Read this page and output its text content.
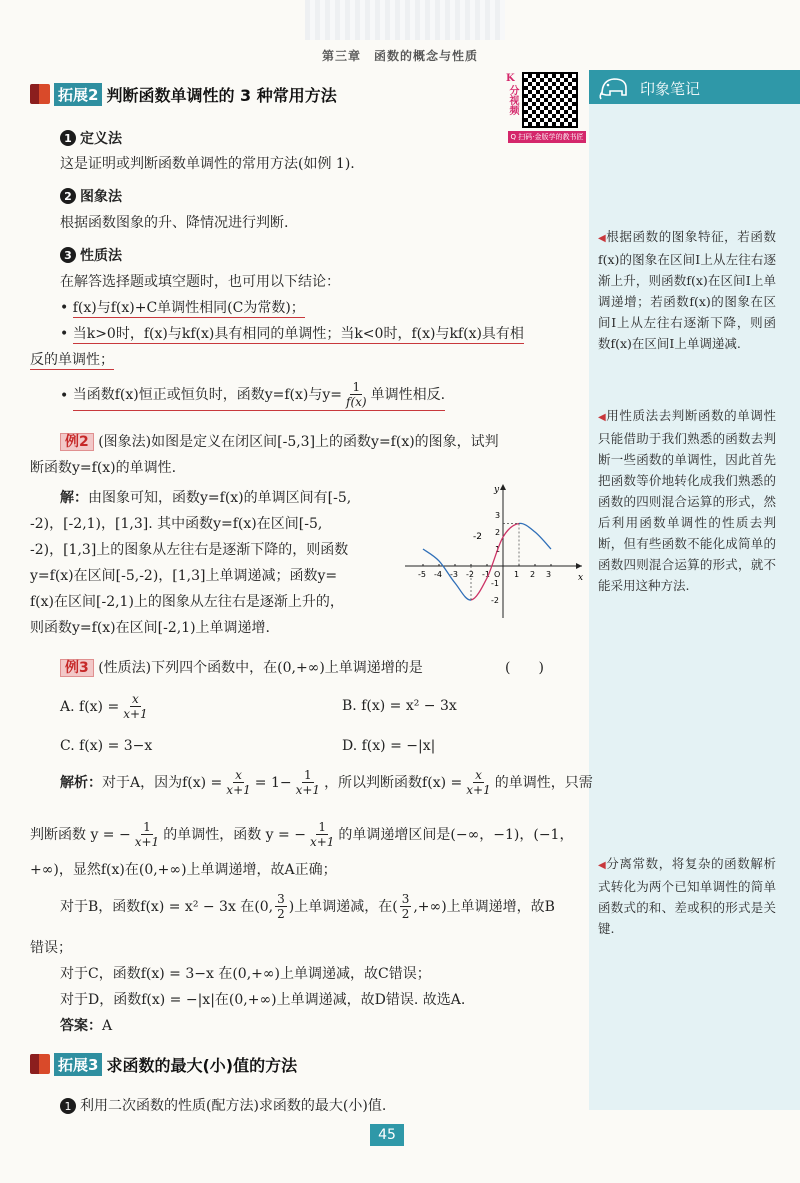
第三章　函数的概念与性质
印象笔记
◀根据函数的图象特征，若函数f(x)的图象在区间I上从左往右逐渐上升，则函数f(x)在区间I上单调递增；若函数f(x)的图象在区间I上从左往右逐渐下降，则函数f(x)在区间I上单调递减.
◀用性质法去判断函数的单调性只能借助于我们熟悉的函数去判断一些函数的单调性，因此首先把函数等价地转化成我们熟悉的函数的四则混合运算的形式，然后利用函数单调性的性质去判断，但有些函数不能化成简单的函数四则混合运算的形式，就不能采用这种方法.
◀分离常数，将复杂的函数解析式转化为两个已知单调性的简单函数式的和、差或积的形式是关键.
拓展2 判断函数单调性的 3 种常用方法
K
分视频
Q 扫码·金版学的教书匠
1 定义法
这是证明或判断函数单调性的常用方法(如例 1).
2 图象法
根据函数图象的升、降情况进行判断.
3 性质法
在解答选择题或填空题时，也可用以下结论：
• f(x)与f(x)+C单调性相同(C为常数)；
• 当k>0时，f(x)与kf(x)具有相同的单调性；当k<0时，f(x)与kf(x)具有相
反的单调性；
• 当函数f(x)恒正或恒负时，函数y=f(x)与$y= \frac{1}{f(x)}$ 单调性相反.
例2 (图象法)如图是定义在闭区间[-5,3]上的函数y=f(x)的图象，试判
断函数y=f(x)的单调性.
解：由图象可知，函数y=f(x)的单调区间有[-5,
-2)，[-2,1)，[1,3]. 其中函数y=f(x)在区间[-5,
-2)，[1,3]上的图象从左往右是逐渐下降的，则函数
y=f(x)在区间[-5,-2)，[1,3]上单调递减；函数y=
f(x)在区间[-2,1)上的图象从左往右是逐渐上升的，
则函数y=f(x)在区间[-2,1)上单调递增.
x
y
-5 -4 -3 -2 -1 O 1 2 3
3
2
1
-1
-2
-2
例3 (性质法)下列四个函数中，在(0,+∞)上单调递增的是	(　　)
A. $f(x) = \frac{x}{x+1}$	B. f(x) = x² − 3x
C. f(x) = 3−x	D. f(x) = −|x|
解析： 对于A，因为$f(x) = \frac{x}{x+1} = 1- \frac{1}{x+1}$ ，所以判断函数$f(x) = \frac{x}{x+1}$ 的单调性，只需
判断函数 y = − $\frac{1}{x+1}$ 的单调性，函数 y = − $\frac{1}{x+1}$ 的单调递增区间是(−∞，−1)，(−1，
+∞)，显然f(x)在(0,+∞)上单调递增，故A正确；
对于B，函数f(x) = x² − 3x 在 (0, $\frac{3}{2}$ )上单调递减，在( $\frac{3}{2}$ ,+∞)上单调递增，故B
错误；
对于C，函数f(x) = 3−x 在(0,+∞)上单调递减，故C错误；
对于D，函数f(x) = −|x|在(0,+∞)上单调递减，故D错误. 故选A.
答案：A
拓展3 求函数的最大(小)值的方法
1 利用二次函数的性质(配方法)求函数的最大(小)值.
45
